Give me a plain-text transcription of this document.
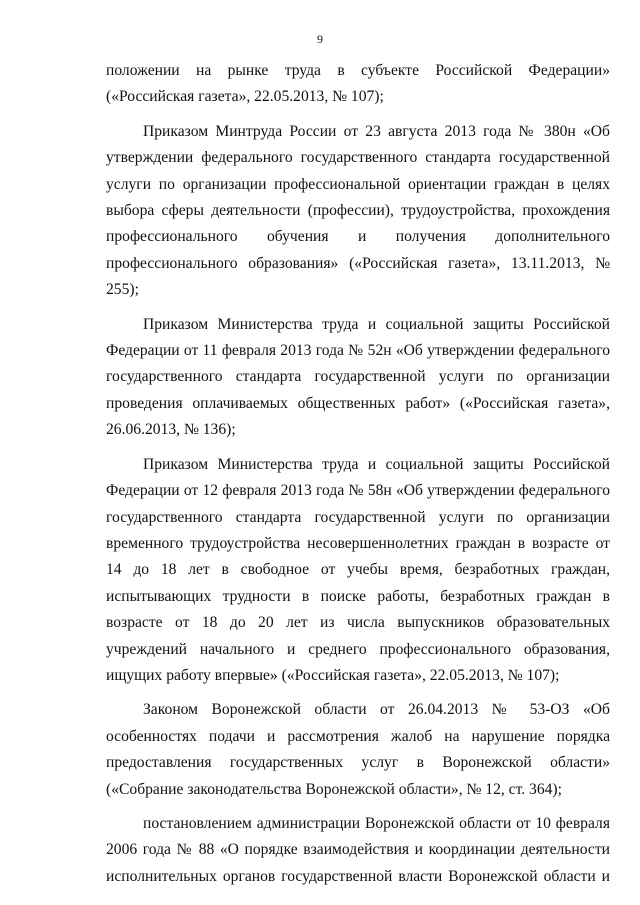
9

положении на рынке труда в субъекте Российской Федерации» («Российская газета», 22.05.2013, № 107);

Приказом Минтруда России от 23 августа 2013 года № 380н «Об утверждении федерального государственного стандарта государственной услуги по организации профессиональной ориентации граждан в целях выбора сферы деятельности (профессии), трудоустройства, прохождения профессионального обучения и получения дополнительного профессионального образования» («Российская газета», 13.11.2013, № 255);

Приказом Министерства труда и социальной защиты Российской Федерации от 11 февраля 2013 года № 52н «Об утверждении федерального государственного стандарта государственной услуги по организации проведения оплачиваемых общественных работ» («Российская газета», 26.06.2013, № 136);

Приказом Министерства труда и социальной защиты Российской Федерации от 12 февраля 2013 года № 58н «Об утверждении федерального государственного стандарта государственной услуги по организации временного трудоустройства несовершеннолетних граждан в возрасте от 14 до 18 лет в свободное от учебы время, безработных граждан, испытывающих трудности в поиске работы, безработных граждан в возрасте от 18 до 20 лет из числа выпускников образовательных учреждений начального и среднего профессионального образования, ищущих работу впервые» («Российская газета», 22.05.2013, № 107);

Законом Воронежской области от 26.04.2013 № 53-ОЗ «Об особенностях подачи и рассмотрения жалоб на нарушение порядка предоставления государственных услуг в Воронежской области» («Собрание законодательства Воронежской области», № 12, ст. 364);

постановлением администрации Воронежской области от 10 февраля 2006 года № 88 «О порядке взаимодействия и координации деятельности исполнительных органов государственной власти Воронежской области и
